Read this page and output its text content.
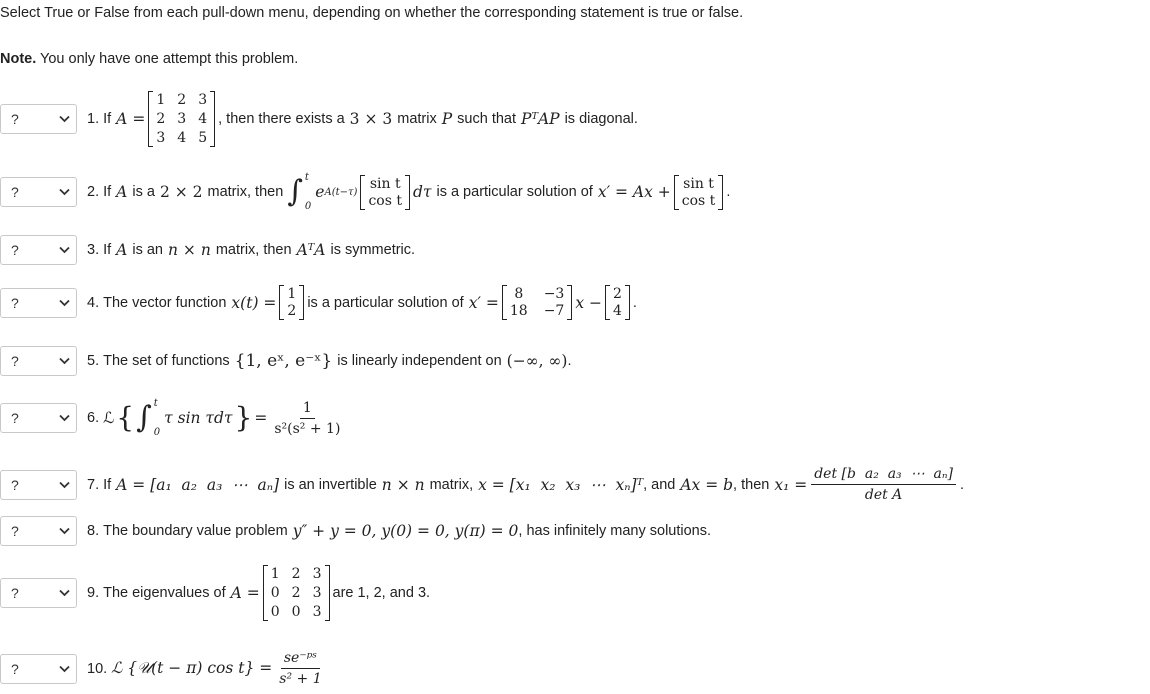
Select True or False from each pull-down menu, depending on whether the corresponding statement is true or false.
Note. You only have one attempt this problem.
?	1. If A =
1 2 3
2 3 4
3 4 5
, then there exists a 3 × 3 matrix P such that PᵀAP is diagonal.
?	2. If A is a 2 × 2 matrix, then ∫ t
0
e A(t−τ)
sin t
cos t dτ is a particular solution of x′ = Ax + sin t
cos t
.
?	3. If A is an n × n matrix, then AᵀA is symmetric.
?	4. The vector function x(t) = 1
2
is a particular solution of x′ =	8	−3
18 −7 x − 2
4
.
?	5. The set of functions {1, eˣ, e⁻ˣ} is linearly independent on (−∞, ∞) .
?	6. ℒ { ∫ t
0
τ sin τdτ } = $\frac{1}{\text{s²(s² + 1)}}$
?	7. If A = [a₁  a₂  a₃  ⋯  aₙ] is an invertible n × n matrix, x = [x₁  x₂  x₃  ⋯  xₙ]ᵀ , and Ax = b , then $x_1 = \frac{\text{det [b  a₂  a₃  ⋯  aₙ]}}{\text{det A}}$ .
?	8. The boundary value problem y″ + y = 0, y(0) = 0, y(π) = 0 , has infinitely many solutions.
?	9. The eigenvalues of A =
1 2 3
0 2 3
0 0 3
are 1, 2, and 3.
?	10. ℒ {𝒰(t − π) $\cos t\} = \frac{\text{se⁻ᵖˢ}}{\text{s² + 1}}$
